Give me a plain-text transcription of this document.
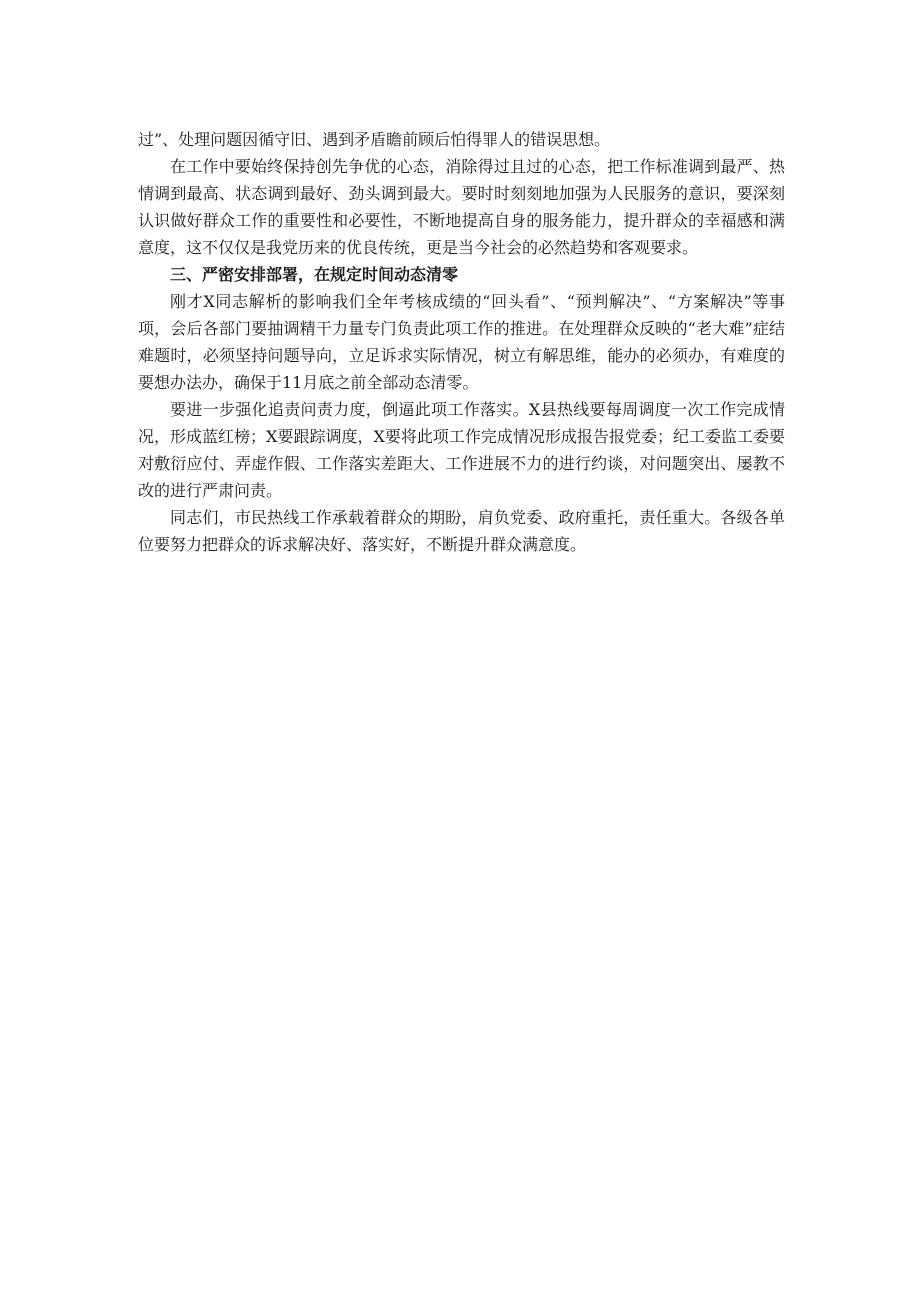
过”、处理问题因循守旧、遇到矛盾瞻前顾后怕得罪人的错误思想。

在工作中要始终保持创先争优的心态，消除得过且过的心态，把工作标准调到最严、热情调到最高、状态调到最好、劲头调到最大。要时时刻刻地加强为人民服务的意识，要深刻认识做好群众工作的重要性和必要性，不断地提高自身的服务能力，提升群众的幸福感和满意度，这不仅仅是我党历来的优良传统，更是当今社会的必然趋势和客观要求。

三、严密安排部署，在规定时间动态清零

刚才X同志解析的影响我们全年考核成绩的“回头看”、“预判解决”、“方案解决”等事项，会后各部门要抽调精干力量专门负责此项工作的推进。在处理群众反映的“老大难”症结难题时，必须坚持问题导向，立足诉求实际情况，树立有解思维，能办的必须办，有难度的要想办法办，确保于11月底之前全部动态清零。

要进一步强化追责问责力度，倒逼此项工作落实。X县热线要每周调度一次工作完成情况，形成蓝红榜；X要跟踪调度，X要将此项工作完成情况形成报告报党委；纪工委监工委要对敷衍应付、弄虚作假、工作落实差距大、工作进展不力的进行约谈，对问题突出、屡教不改的进行严肃问责。

同志们，市民热线工作承载着群众的期盼，肩负党委、政府重托，责任重大。各级各单位要努力把群众的诉求解决好、落实好，不断提升群众满意度。
